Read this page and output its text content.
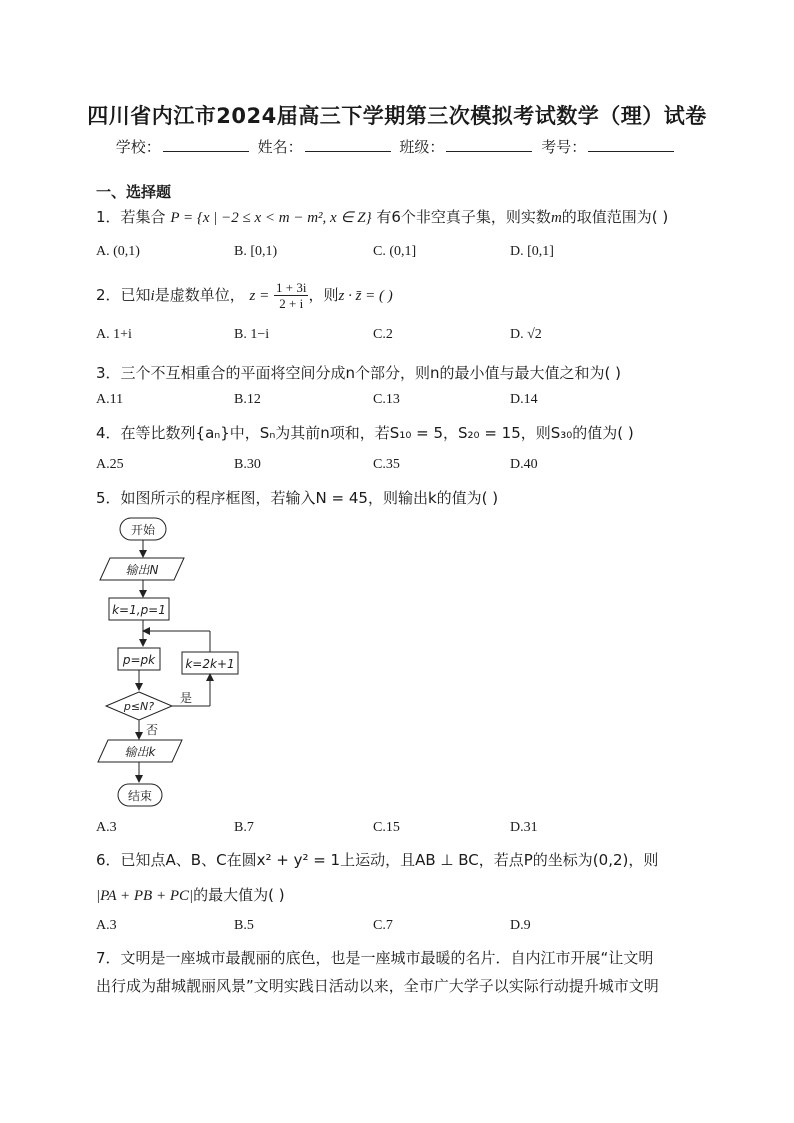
四川省内江市2024届高三下学期第三次模拟考试数学（理）试卷
学校：	姓名：	班级：	考号：
一、选择题
1．若集合 P = {x | −2 ≤ x < m − m², x ∈ Z} 有6个非空真子集，则实数m的取值范围为( )
A. (0,1)	B. [0,1)	C. (0,1]	D. [0,1]
2．已知i是虚数单位， $z = \frac{1 + 3i}{2 + i}$ ，则z · z̄ = ( )
A. 1+i	B. 1−i	C.2	D. √2
3．三个不互相重合的平面将空间分成n个部分，则n的最小值与最大值之和为( )
A.11	B.12	C.13	D.14
4．在等比数列{aₙ}中，Sₙ为其前n项和，若S₁₀ = 5，S₂₀ = 15，则S₃₀的值为( )
A.25	B.30	C.35	D.40
5．如图所示的程序框图，若输入N = 45，则输出k的值为( )
开始
输出N
k=1,p=1
p=pk	k=2k+1
p≤N?
是
否
输出k
结束
A.3	B.7	C.15	D.31
6．已知点A、B、C在圆x² + y² = 1上运动，且AB ⊥ BC，若点P的坐标为(0,2)，则
|PA + PB + PC|的最大值为( )
A.3	B.5	C.7	D.9
7．文明是一座城市最靓丽的底色，也是一座城市最暖的名片．自内江市开展“让文明
出行成为甜城靓丽风景”文明实践日活动以来，全市广大学子以实际行动提升城市文明
